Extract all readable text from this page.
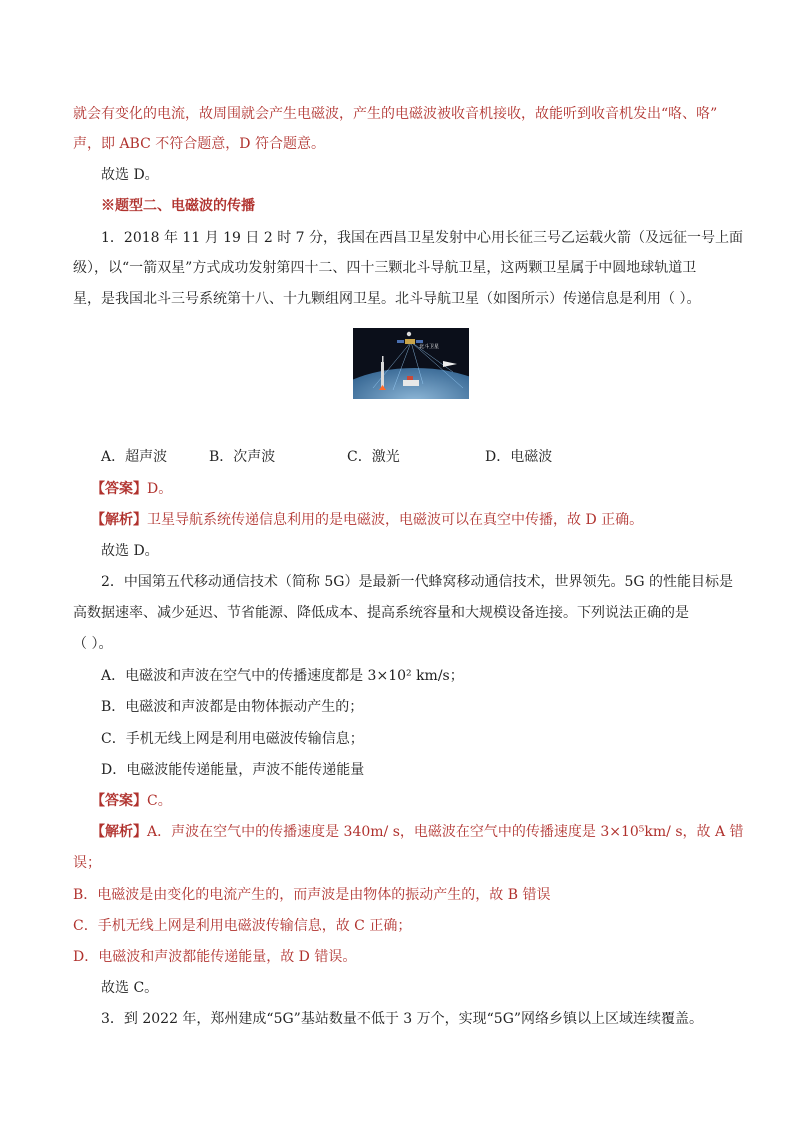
就会有变化的电流，故周围就会产生电磁波，产生的电磁波被收音机接收，故能听到收音机发出“咯、咯”
声，即 ABC 不符合题意，D 符合题意。
故选 D。
※题型二、电磁波的传播
1．2018 年 11 月 19 日 2 时 7 分，我国在西昌卫星发射中心用长征三号乙运载火箭（及远征一号上面
级），以“一箭双星”方式成功发射第四十二、四十三颗北斗导航卫星，这两颗卫星属于中圆地球轨道卫
星，是我国北斗三号系统第十八、十九颗组网卫星。北斗导航卫星（如图所示）传递信息是利用（ ）。
北斗卫星
A．超声波	B．次声波	C．激光	D．电磁波
【答案】D。
【解析】卫星导航系统传递信息利用的是电磁波，电磁波可以在真空中传播，故 D 正确。
故选 D。
2．中国第五代移动通信技术（简称 5G）是最新一代蜂窝移动通信技术，世界领先。5G 的性能目标是
高数据速率、减少延迟、节省能源、降低成本、提高系统容量和大规模设备连接。下列说法正确的是
（ ）。
A．电磁波和声波在空气中的传播速度都是 3×10² km/s；
B．电磁波和声波都是由物体振动产生的；
C．手机无线上网是利用电磁波传输信息；
D．电磁波能传递能量，声波不能传递能量
【答案】C。
【解析】A．声波在空气中的传播速度是 340m/ s，电磁波在空气中的传播速度是 3×10⁵km/ s，故 A 错
误；
B．电磁波是由变化的电流产生的，而声波是由物体的振动产生的，故 B 错误
C．手机无线上网是利用电磁波传输信息，故 C 正确；
D．电磁波和声波都能传递能量，故 D 错误。
故选 C。
3．到 2022 年，郑州建成“5G”基站数量不低于 3 万个，实现“5G”网络乡镇以上区域连续覆盖。
